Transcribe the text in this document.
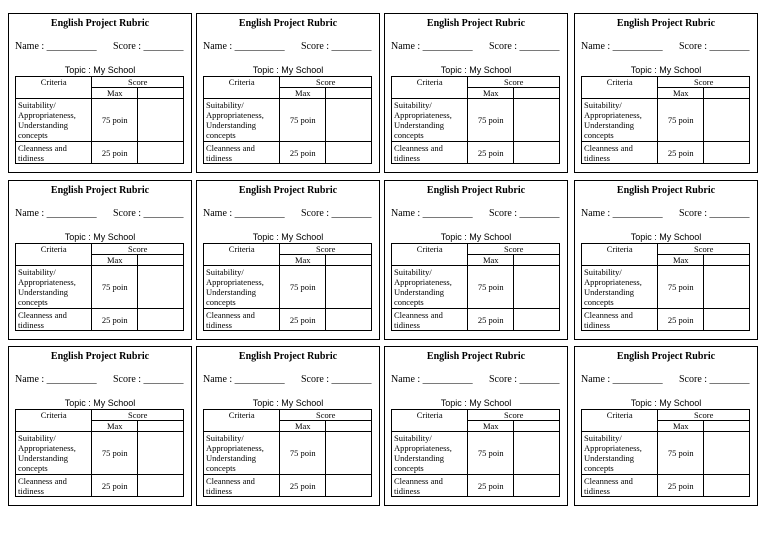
English Project Rubric
Name : __________ Score : ________
Topic : My School
Criteria	Score	
	Max	
Suitability/ Appropriateness, Understanding concepts	75 poin	
Cleanness and tidiness	25 poin	
English Project Rubric
Name : __________ Score : ________
Topic : My School
Criteria	Score	
	Max	
Suitability/ Appropriateness, Understanding concepts	75 poin	
Cleanness and tidiness	25 poin	
English Project Rubric
Name : __________ Score : ________
Topic : My School
Criteria	Score	
	Max	
Suitability/ Appropriateness, Understanding concepts	75 poin	
Cleanness and tidiness	25 poin	
English Project Rubric
Name : __________ Score : ________
Topic : My School
Criteria	Score	
	Max	
Suitability/ Appropriateness, Understanding concepts	75 poin	
Cleanness and tidiness	25 poin	
English Project Rubric
Name : __________ Score : ________
Topic : My School
Criteria	Score	
	Max	
Suitability/ Appropriateness, Understanding concepts	75 poin	
Cleanness and tidiness	25 poin	
English Project Rubric
Name : __________ Score : ________
Topic : My School
Criteria	Score	
	Max	
Suitability/ Appropriateness, Understanding concepts	75 poin	
Cleanness and tidiness	25 poin	
English Project Rubric
Name : __________ Score : ________
Topic : My School
Criteria	Score	
	Max	
Suitability/ Appropriateness, Understanding concepts	75 poin	
Cleanness and tidiness	25 poin	
English Project Rubric
Name : __________ Score : ________
Topic : My School
Criteria	Score	
	Max	
Suitability/ Appropriateness, Understanding concepts	75 poin	
Cleanness and tidiness	25 poin	
English Project Rubric
Name : __________ Score : ________
Topic : My School
Criteria	Score	
	Max	
Suitability/ Appropriateness, Understanding concepts	75 poin	
Cleanness and tidiness	25 poin	
English Project Rubric
Name : __________ Score : ________
Topic : My School
Criteria	Score	
	Max	
Suitability/ Appropriateness, Understanding concepts	75 poin	
Cleanness and tidiness	25 poin	
English Project Rubric
Name : __________ Score : ________
Topic : My School
Criteria	Score	
	Max	
Suitability/ Appropriateness, Understanding concepts	75 poin	
Cleanness and tidiness	25 poin	
English Project Rubric
Name : __________ Score : ________
Topic : My School
Criteria	Score	
	Max	
Suitability/ Appropriateness, Understanding concepts	75 poin	
Cleanness and tidiness	25 poin	
